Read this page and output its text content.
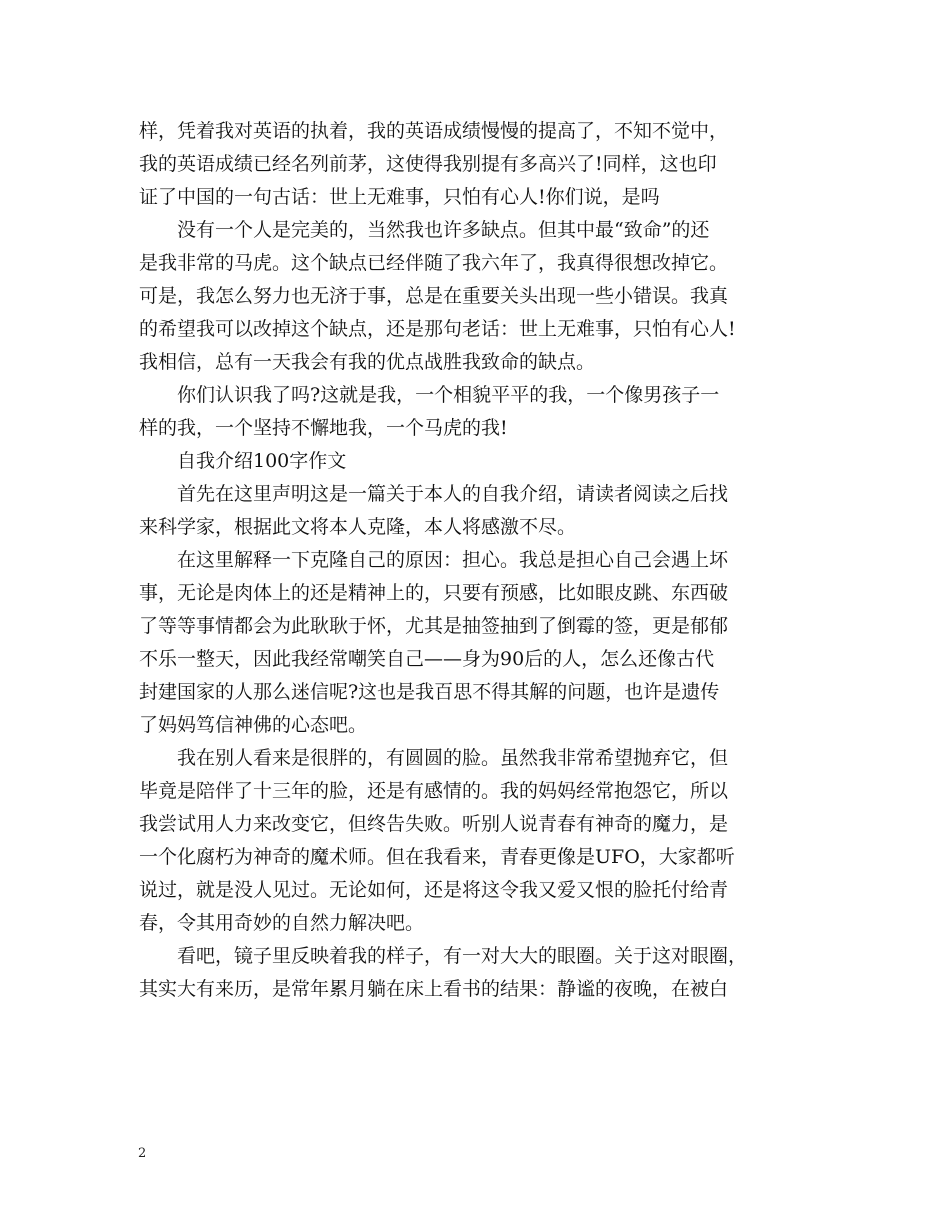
样，凭着我对英语的执着，我的英语成绩慢慢的提高了，不知不觉中，
我的英语成绩已经名列前茅，这使得我别提有多高兴了!同样，这也印
证了中国的一句古话：世上无难事，只怕有心人!你们说，是吗
没有一个人是完美的，当然我也许多缺点。但其中最“致命”的还
是我非常的马虎。这个缺点已经伴随了我六年了，我真得很想改掉它。
可是，我怎么努力也无济于事，总是在重要关头出现一些小错误。我真
的希望我可以改掉这个缺点，还是那句老话：世上无难事，只怕有心人!
我相信，总有一天我会有我的优点战胜我致命的缺点。
你们认识我了吗?这就是我，一个相貌平平的我，一个像男孩子一
样的我，一个坚持不懈地我，一个马虎的我!
自我介绍100字作文
首先在这里声明这是一篇关于本人的自我介绍，请读者阅读之后找
来科学家，根据此文将本人克隆，本人将感激不尽。
在这里解释一下克隆自己的原因：担心。我总是担心自己会遇上坏
事，无论是肉体上的还是精神上的，只要有预感，比如眼皮跳、东西破
了等等事情都会为此耿耿于怀，尤其是抽签抽到了倒霉的签，更是郁郁
不乐一整天，因此我经常嘲笑自己——身为90后的人，怎么还像古代
封建国家的人那么迷信呢?这也是我百思不得其解的问题，也许是遗传
了妈妈笃信神佛的心态吧。
我在别人看来是很胖的，有圆圆的脸。虽然我非常希望抛弃它，但
毕竟是陪伴了十三年的脸，还是有感情的。我的妈妈经常抱怨它，所以
我尝试用人力来改变它，但终告失败。听别人说青春有神奇的魔力，是
一个化腐朽为神奇的魔术师。但在我看来，青春更像是UFO，大家都听
说过，就是没人见过。无论如何，还是将这令我又爱又恨的脸托付给青
春，令其用奇妙的自然力解决吧。
看吧，镜子里反映着我的样子，有一对大大的眼圈。关于这对眼圈，
其实大有来历，是常年累月躺在床上看书的结果：静谧的夜晚，在被白
2
